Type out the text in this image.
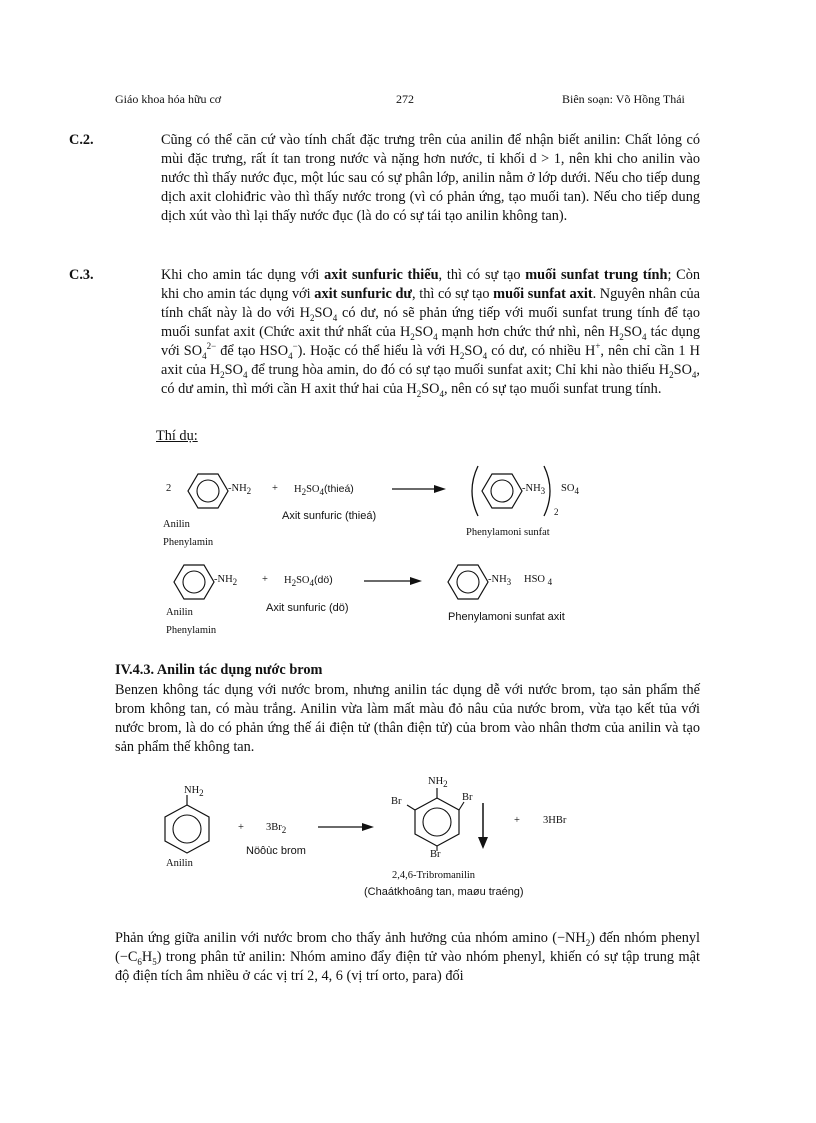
Giáo khoa hóa hữu cơ	272	Biên soạn: Võ Hồng Thái
C.2.	Cũng có thể căn cứ vào tính chất đặc trưng trên của anilin để nhận biết anilin: Chất lỏng có mùi đặc trưng, rất ít tan trong nước và nặng hơn nước, tỉ khối d > 1, nên khi cho anilin vào nước thì thấy nước đục, một lúc sau có sự phân lớp, anilin nằm ở lớp dưới. Nếu cho tiếp dung dịch axit clohiđric vào thì thấy nước trong (vì có phản ứng, tạo muối tan). Nếu cho tiếp dung dịch xút vào thì lại thấy nước đục (là do có sự tái tạo anilin không tan).
C.3.	Khi cho amin tác dụng với axit sunfuric thiếu, thì có sự tạo muối sunfat trung tính; Còn khi cho amin tác dụng với axit sunfuric dư, thì có sự tạo muối sunfat axit. Nguyên nhân của tính chất này là do với $H_2SO_4$ có dư, nó sẽ phản ứng tiếp với muối sunfat trung tính để tạo muối sunfat axit (Chức axit thứ nhất của $H_2SO_4$ mạnh hơn chức thứ nhì, nên $H_2SO_4$ tác dụng với $SO_4^{2-}$ để tạo $HSO_4^-$). Hoặc có thể hiểu là với $H_2SO_4$ có dư, có nhiều H+, nên chỉ cần 1 H axit của $H_2SO_4$ để trung hòa amin, do đó có sự tạo muối sunfat axit; Chỉ khi nào thiếu $H_2SO_4$, có dư amin, thì mới cần H axit thứ hai của $H_2SO_4$, nên có sự tạo muối sunfat trung tính.
Thí dụ:
2	$-NH_2$ + $H_2SO_4(thieá)$
Axit sunfuric (thieá)
Anilin
Phenylamin
$-NH_3$ $SO_4$
2
Phenylamoni sunfat
$-NH_2$ + $H_2SO_4(dö)$
Axit sunfuric (dö)
Anilin
Phenylamin
$-NH_3$ HSO $_4$
Phenylamoni sunfat axit
IV.4.3. Anilin tác dụng nước brom
Benzen không tác dụng với nước brom, nhưng anilin tác dụng dễ với nước brom, tạo sản phẩm thế brom không tan, có màu trắng. Anilin vừa làm mất màu đỏ nâu của nước brom, vừa tạo kết tủa với nước brom, là do có phản ứng thế ái điện tử (thân điện tử) của brom vào nhân thơm của anilin và tạo sản phẩm thế không tan.
$NH_2$
Anilin
+ $3Br_2$
Nöôùc brom
$NH_2$
Br	Br
Br
+ 3HBr
2,4,6-Tribromanilin
(Chaátkhoâng tan, maøu traéng)
Phản ứng giữa anilin với nước brom cho thấy ảnh hưởng của nhóm amino $(-NH_2)$ đến nhóm phenyl $(-C_6H_5)$ trong phân tử anilin: Nhóm amino đẩy điện tử vào nhóm phenyl, khiến có sự tập trung mật độ điện tích âm nhiều ở các vị trí 2, 4, 6 (vị trí orto, para) đối
